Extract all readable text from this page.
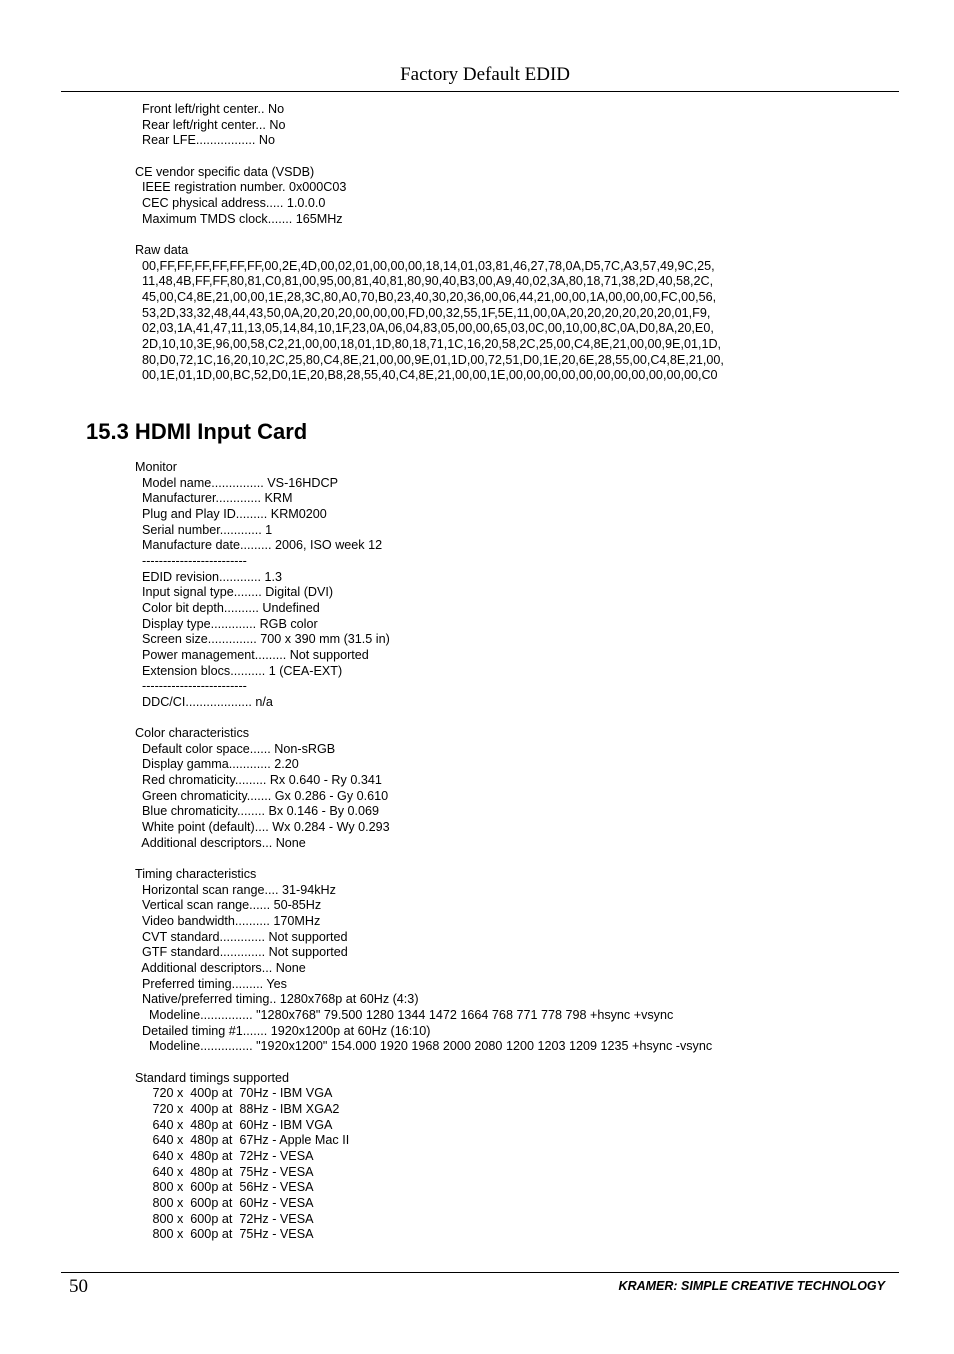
Factory Default EDID
Front left/right center.. No
Rear left/right center... No
Rear LFE................. No

CE vendor specific data (VSDB)
IEEE registration number. 0x000C03
CEC physical address..... 1.0.0.0
Maximum TMDS clock....... 165MHz

Raw data
00,FF,FF,FF,FF,FF,FF,00,2E,4D,00,02,01,00,00,00,18,14,01,03,81,46,27,78,0A,D5,7C,A3,57,49,9C,25,
11,48,4B,FF,FF,80,81,C0,81,00,95,00,81,40,81,80,90,40,B3,00,A9,40,02,3A,80,18,71,38,2D,40,58,2C,
45,00,C4,8E,21,00,00,1E,28,3C,80,A0,70,B0,23,40,30,20,36,00,06,44,21,00,00,1A,00,00,00,FC,00,56,
53,2D,33,32,48,44,43,50,0A,20,20,20,00,00,00,FD,00,32,55,1F,5E,11,00,0A,20,20,20,20,20,20,01,F9,
02,03,1A,41,47,11,13,05,14,84,10,1F,23,0A,06,04,83,05,00,00,65,03,0C,00,10,00,8C,0A,D0,8A,20,E0,
2D,10,10,3E,96,00,58,C2,21,00,00,18,01,1D,80,18,71,1C,16,20,58,2C,25,00,C4,8E,21,00,00,9E,01,1D,
80,D0,72,1C,16,20,10,2C,25,80,C4,8E,21,00,00,9E,01,1D,00,72,51,D0,1E,20,6E,28,55,00,C4,8E,21,00,
00,1E,01,1D,00,BC,52,D0,1E,20,B8,28,55,40,C4,8E,21,00,00,1E,00,00,00,00,00,00,00,00,00,00,00,C0
15.3 HDMI Input Card
Monitor
Model name............... VS-16HDCP
Manufacturer............. KRM
Plug and Play ID......... KRM0200
Serial number............ 1
Manufacture date......... 2006, ISO week 12
-------------------------
EDID revision............ 1.3
Input signal type........ Digital (DVI)
Color bit depth.......... Undefined
Display type............. RGB color
Screen size.............. 700 x 390 mm (31.5 in)
Power management......... Not supported
Extension blocs.......... 1 (CEA-EXT)
-------------------------
DDC/CI................... n/a

Color characteristics
Default color space...... Non-sRGB
Display gamma............ 2.20
Red chromaticity......... Rx 0.640 - Ry 0.341
Green chromaticity....... Gx 0.286 - Gy 0.610
Blue chromaticity........ Bx 0.146 - By 0.069
White point (default).... Wx 0.284 - Wy 0.293
Additional descriptors... None

Timing characteristics
Horizontal scan range.... 31-94kHz
Vertical scan range...... 50-85Hz
Video bandwidth.......... 170MHz
CVT standard............. Not supported
GTF standard............. Not supported
Additional descriptors... None
Preferred timing......... Yes
Native/preferred timing.. 1280x768p at 60Hz (4:3)
Modeline............... "1280x768" 79.500 1280 1344 1472 1664 768 771 778 798 +hsync +vsync
Detailed timing #1....... 1920x1200p at 60Hz (16:10)
Modeline............... "1920x1200" 154.000 1920 1968 2000 2080 1200 1203 1209 1235 +hsync -vsync

Standard timings supported
720 x  400p at  70Hz - IBM VGA
720 x  400p at  88Hz - IBM XGA2
640 x  480p at  60Hz - IBM VGA
640 x  480p at  67Hz - Apple Mac II
640 x  480p at  72Hz - VESA
640 x  480p at  75Hz - VESA
800 x  600p at  56Hz - VESA
800 x  600p at  60Hz - VESA
800 x  600p at  72Hz - VESA
800 x  600p at  75Hz - VESA
50	KRAMER: SIMPLE CREATIVE TECHNOLOGY
